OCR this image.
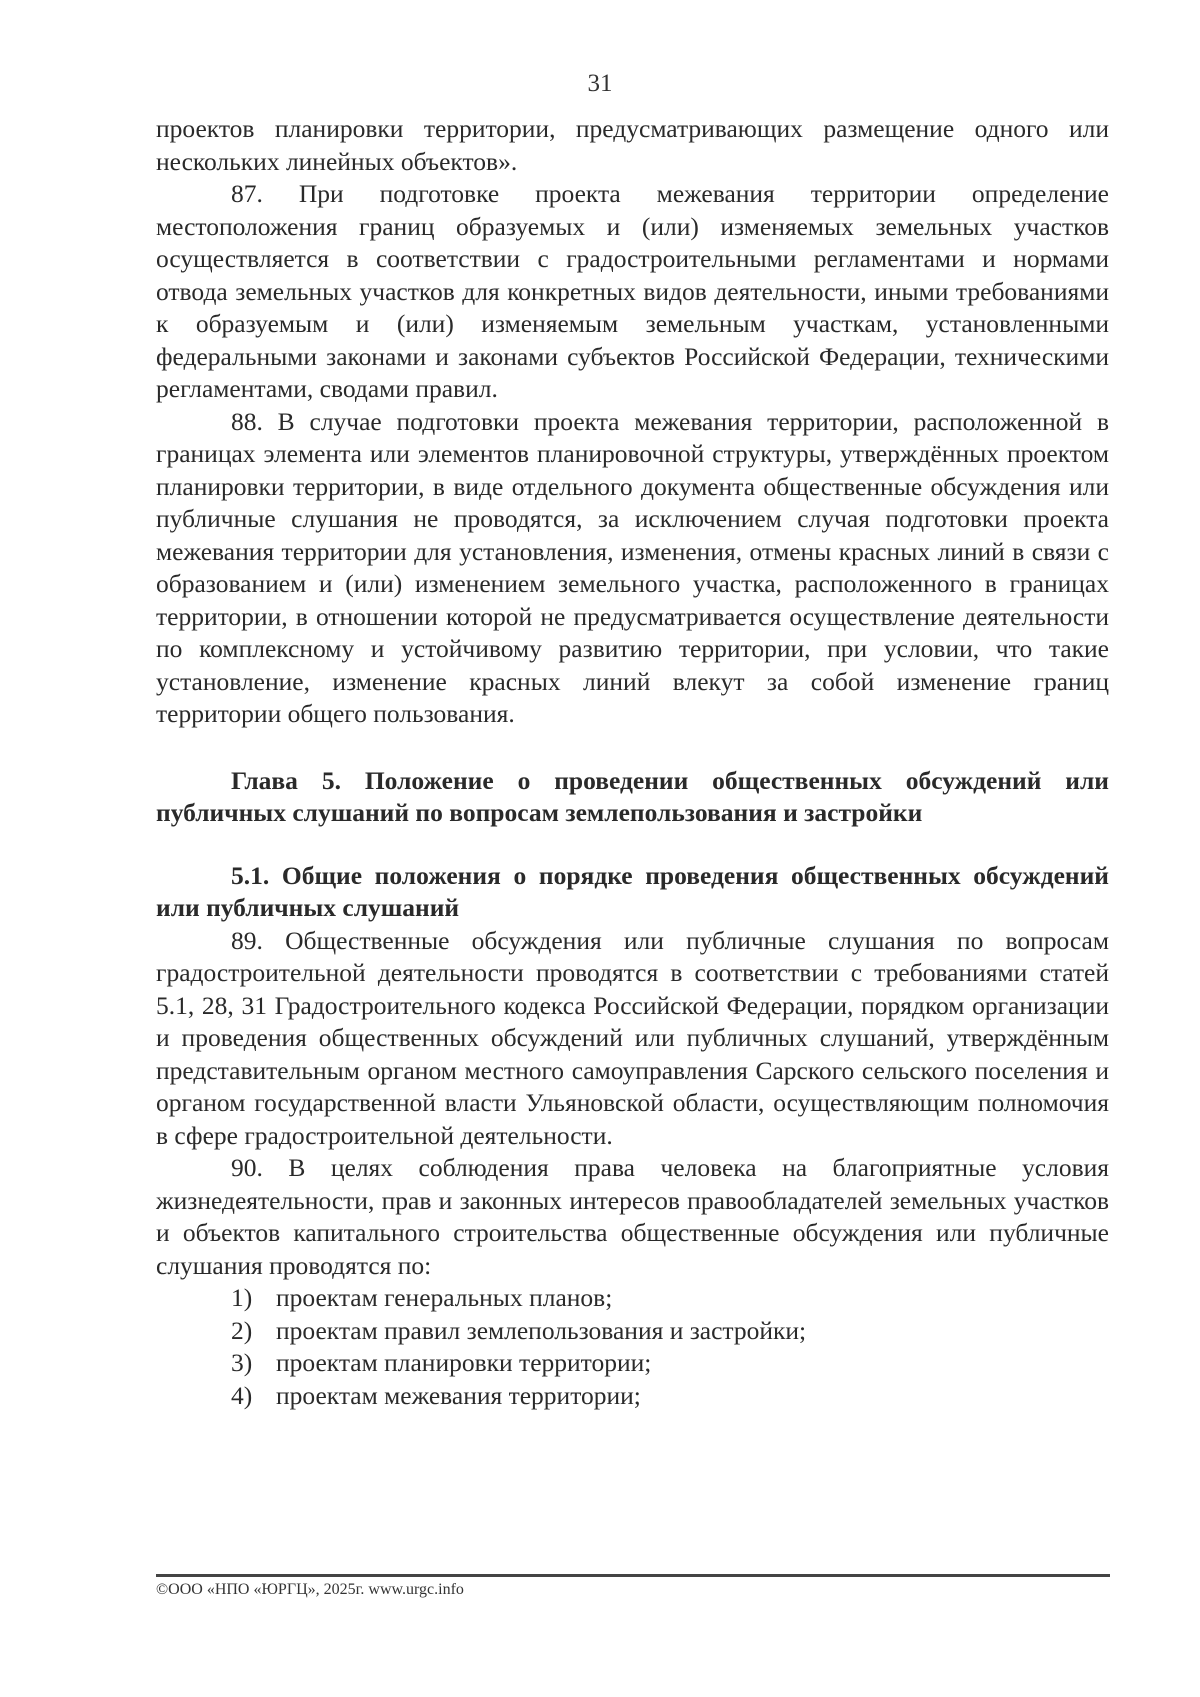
31

проектов планировки территории, предусматривающих размещение одного или нескольких линейных объектов».

87. При подготовке проекта межевания территории определение местоположения границ образуемых и (или) изменяемых земельных участков осуществляется в соответствии с градостроительными регламентами и нормами отвода земельных участков для конкретных видов деятельности, иными требованиями к образуемым и (или) изменяемым земельным участкам, установленными федеральными законами и законами субъектов Российской Федерации, техническими регламентами, сводами правил.

88. В случае подготовки проекта межевания территории, расположенной в границах элемента или элементов планировочной структуры, утверждённых проектом планировки территории, в виде отдельного документа общественные обсуждения или публичные слушания не проводятся, за исключением случая подготовки проекта межевания территории для установления, изменения, отмены красных линий в связи с образованием и (или) изменением земельного участка, расположенного в границах территории, в отношении которой не предусматривается осуществление деятельности по комплексному и устойчивому развитию территории, при условии, что такие установление, изменение красных линий влекут за собой изменение границ территории общего пользования.

Глава 5. Положение о проведении общественных обсуждений или публичных слушаний по вопросам землепользования и застройки

5.1. Общие положения о порядке проведения общественных обсуждений или публичных слушаний

89. Общественные обсуждения или публичные слушания по вопросам градостроительной деятельности проводятся в соответствии с требованиями статей 5.1, 28, 31 Градостроительного кодекса Российской Федерации, порядком организации и проведения общественных обсуждений или публичных слушаний, утверждённым представительным органом местного самоуправления Сарского сельского поселения и органом государственной власти Ульяновской области, осуществляющим полномочия в сфере градостроительной деятельности.

90. В целях соблюдения права человека на благоприятные условия жизнедеятельности, прав и законных интересов правообладателей земельных участков и объектов капитального строительства общественные обсуждения или публичные слушания проводятся по:

1) проектам генеральных планов;
2) проектам правил землепользования и застройки;
3) проектам планировки территории;
4) проектам межевания территории;
©ООО «НПО «ЮРГЦ», 2025г. www.urgc.info
